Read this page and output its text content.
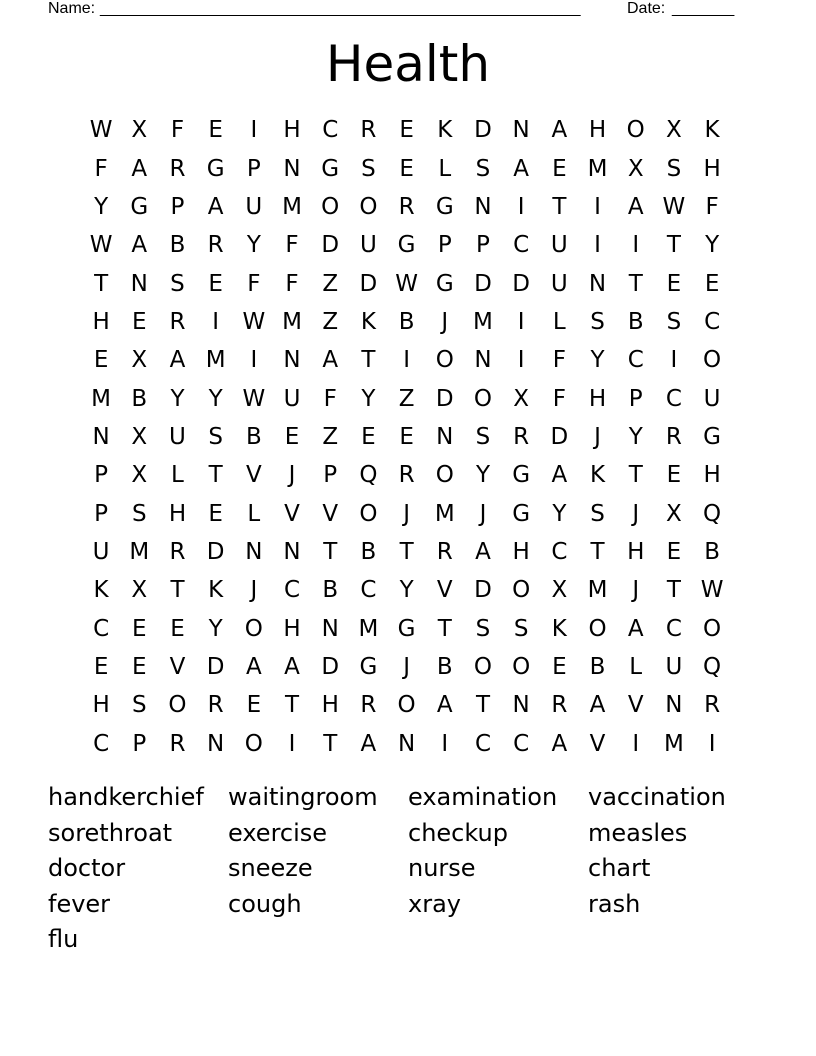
Name: ______________________________________________________	Date: _______
Health
W X	F	E	I	H C R E	K D N A H O X K
F	A R G P N G S	E	L	S	A	E M X	S H
Y G P	A U M O O R G N	I	T	I	A W F
W A B R	Y	F D U G P	P	C U	I	I	T	Y
T N S	E	F	F	Z D W G D D U N T	E	E
H E R	I	W M Z K B	J	M	I	L	S	B S C
E	X A M	I	N A	T	I	O N	I	F	Y	C	I	O
M B	Y	Y W U	F	Y	Z D O X	F H P	C U
N X U S	B	E	Z	E	E N S R D	J	Y	R G
P	X	L	T	V	J	P Q R O Y G A K	T	E H
P	S H E	L	V V O	J	M	J	G Y	S	J	X Q
U M R D N N T	B	T	R A H C	T H E	B
K X	T	K	J	C B C	Y	V D O X M	J	T W
C E	E	Y O H N M G T	S	S	K O A C O
E	E	V D A A D G	J	B O O E	B	L	U Q
H S O R E	T H R O A	T N R A V N R
C	P	R N O	I	T	A N	I	C C A V	I	M	I
handkerchief	waitingroom	examination	vaccination
sorethroat	exercise	checkup	measles
doctor	sneeze	nurse	chart
fever	cough	xray	rash
flu
